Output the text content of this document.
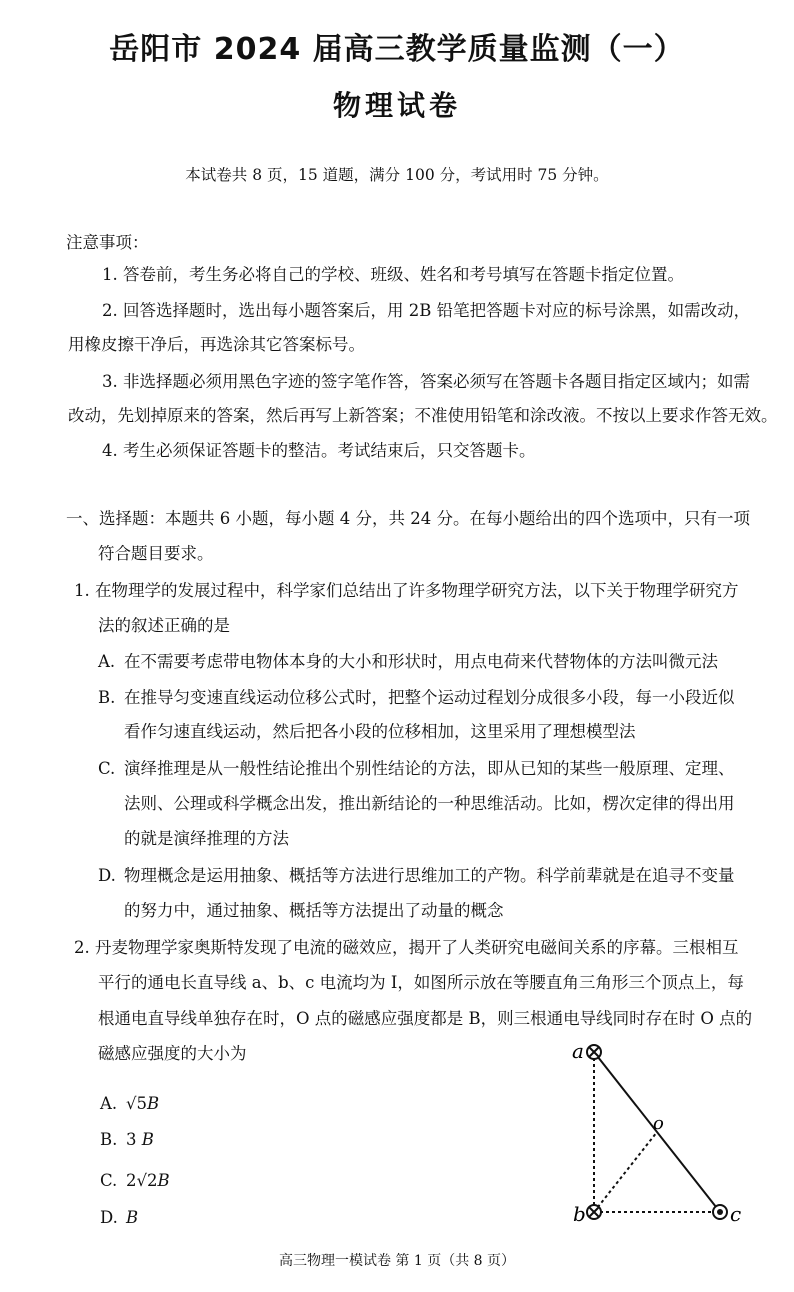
岳阳市 2024 届高三教学质量监测（一）
物理试卷
本试卷共 8 页，15 道题，满分 100 分，考试用时 75 分钟。
注意事项：
1. 答卷前，考生务必将自己的学校、班级、姓名和考号填写在答题卡指定位置。
2. 回答选择题时，选出每小题答案后，用 2B 铅笔把答题卡对应的标号涂黑，如需改动，
用橡皮擦干净后，再选涂其它答案标号。
3. 非选择题必须用黑色字迹的签字笔作答，答案必须写在答题卡各题目指定区域内；如需
改动，先划掉原来的答案，然后再写上新答案；不准使用铅笔和涂改液。不按以上要求作答无效。
4. 考生必须保证答题卡的整洁。考试结束后，只交答题卡。
一、选择题：本题共 6 小题，每小题 4 分，共 24 分。在每小题给出的四个选项中，只有一项
符合题目要求。
1. 在物理学的发展过程中，科学家们总结出了许多物理学研究方法，以下关于物理学研究方
法的叙述正确的是
A. 在不需要考虑带电物体本身的大小和形状时，用点电荷来代替物体的方法叫微元法
B. 在推导匀变速直线运动位移公式时，把整个运动过程划分成很多小段，每一小段近似
看作匀速直线运动，然后把各小段的位移相加，这里采用了理想模型法
C. 演绎推理是从一般性结论推出个别性结论的方法，即从已知的某些一般原理、定理、
法则、公理或科学概念出发，推出新结论的一种思维活动。比如，楞次定律的得出用
的就是演绎推理的方法
D. 物理概念是运用抽象、概括等方法进行思维加工的产物。科学前辈就是在追寻不变量
的努力中，通过抽象、概括等方法提出了动量的概念
2. 丹麦物理学家奥斯特发现了电流的磁效应，揭开了人类研究电磁间关系的序幕。三根相互
平行的通电长直导线 a、b、c 电流均为 I，如图所示放在等腰直角三角形三个顶点上，每
根通电直导线单独存在时，O 点的磁感应强度都是 B，则三根通电导线同时存在时 O 点的
磁感应强度的大小为
A. √5B
B. 3 B
C. 2√2B
D. B
a
b	c
o
高三物理一模试卷 第 1 页（共 8 页）
